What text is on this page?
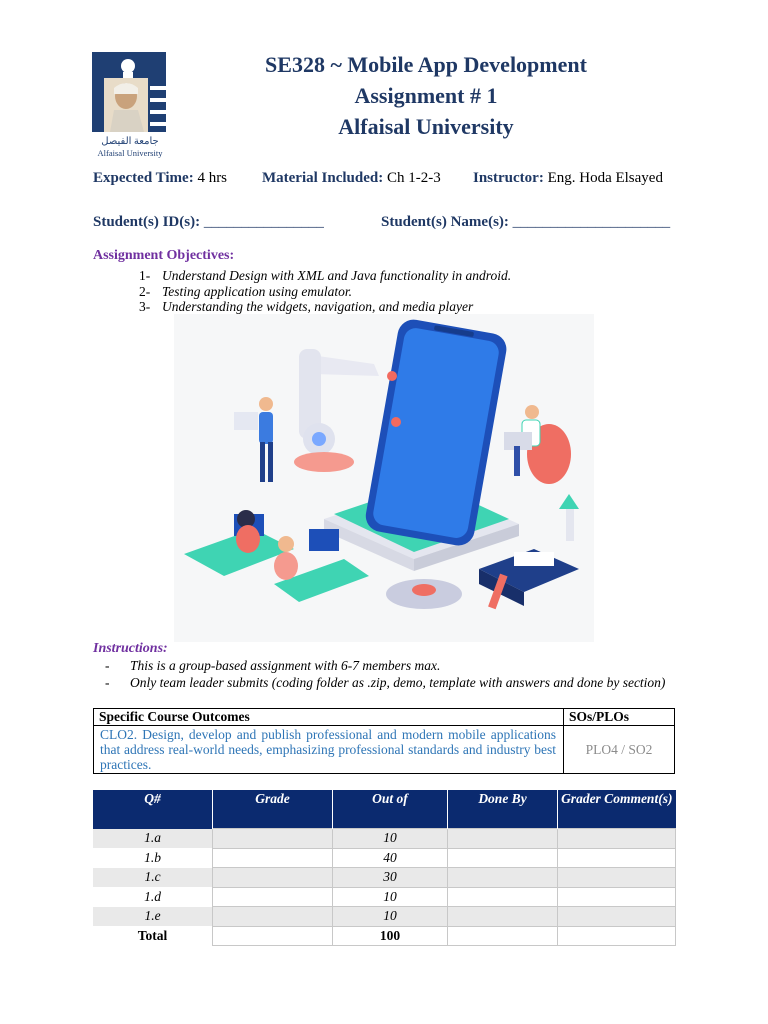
جامعة الفيصل
Alfaisal University
SE328 ~ Mobile App Development
Assignment # 1
Alfaisal University
Expected Time: 4 hrs Material Included: Ch 1-2-3 Instructor: Eng. Hoda Elsayed
Student(s) ID(s): ________________	Student(s) Name(s): _____________________
Assignment Objectives:
1- Understand Design with XML and Java functionality in android.
2- Testing application using emulator.
3- Understanding the widgets, navigation, and media player
Instructions:
- This is a group-based assignment with 6-7 members max.
- Only team leader submits (coding folder as .zip, demo, template with answers and done by section)
Specific Course Outcomes	SOs/PLOs
CLO2. Design, develop and publish professional and modern mobile applications that address real-world needs, emphasizing professional standards and industry best practices.	PLO4 / SO2
Q#	Grade	Out of	Done By	Grader Comment(s)
1.a		10		
1.b		40		
1.c		30		
1.d		10		
1.e		10		
Total		100		
